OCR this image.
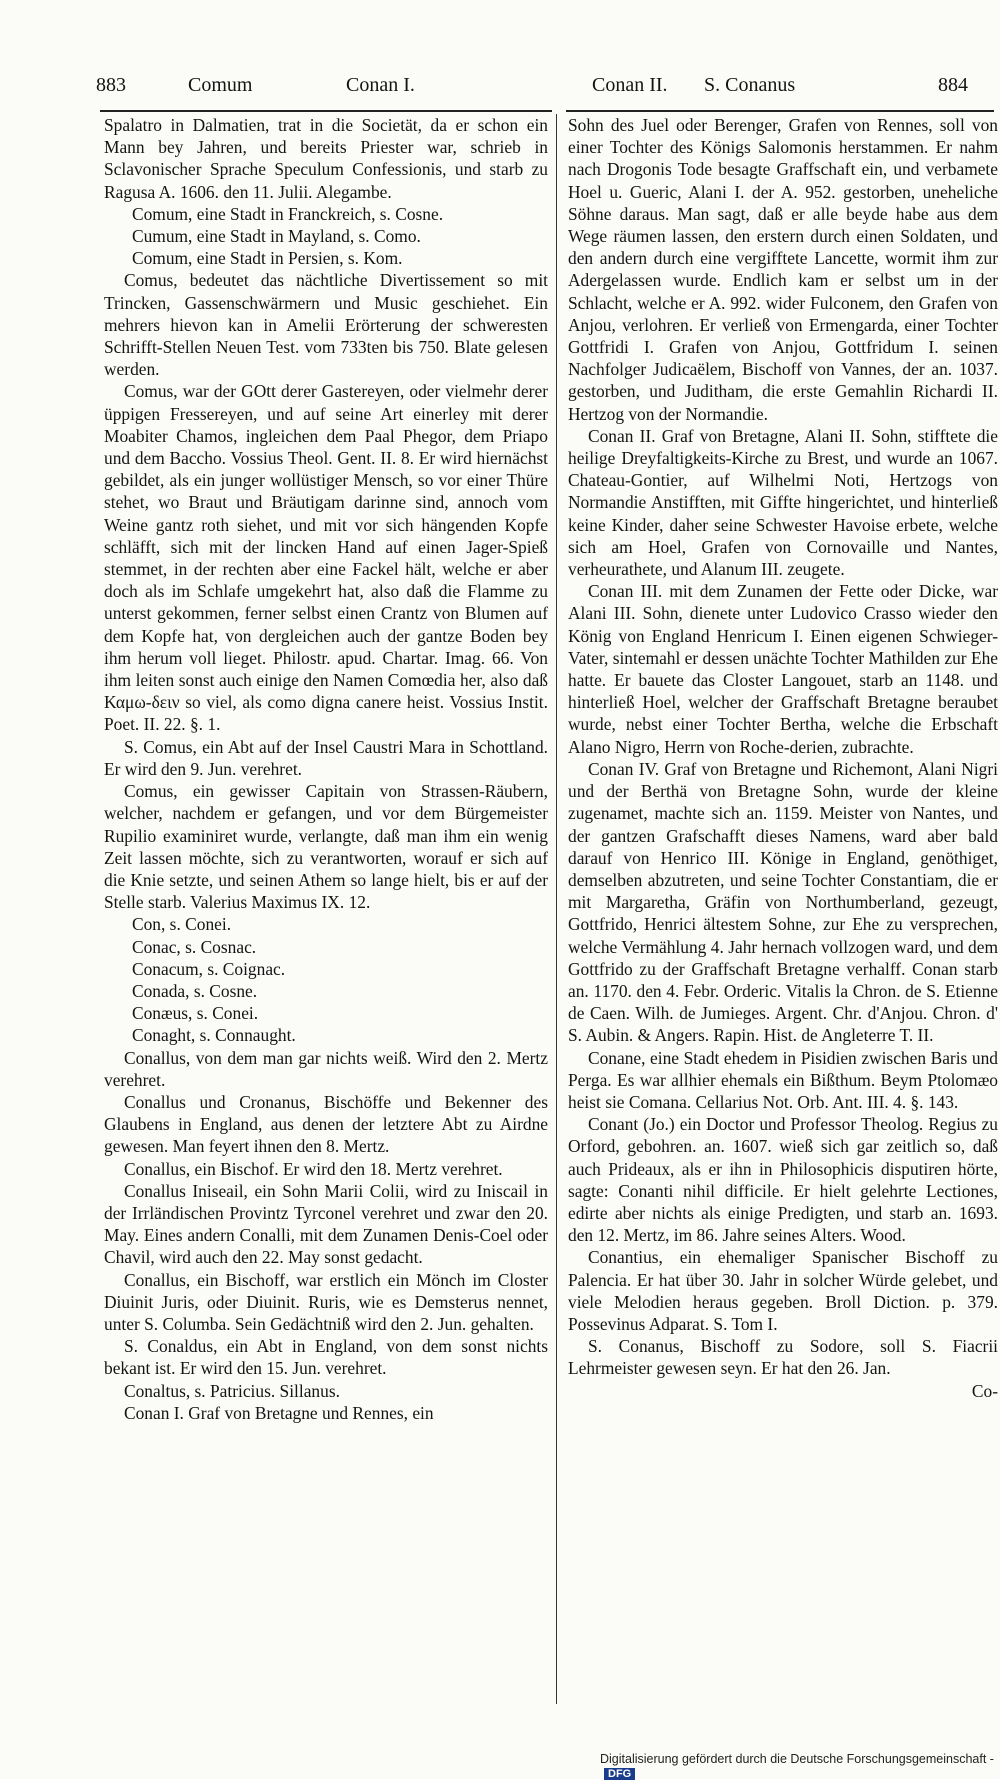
883	Comum	Conan I.	Conan II. S. Conanus	884

Spalatro in Dalmatien, trat in die Societät, da er schon ein Mann bey Jahren, und bereits Priester war, schrieb in Sclavonischer Sprache Speculum Confessionis, und starb zu Ragusa A. 1606. den 11. Julii. Alegambe.

Comum, eine Stadt in Franckreich, s. Cosne.

Cumum, eine Stadt in Mayland, s. Como.

Comum, eine Stadt in Persien, s. Kom.

Comus, bedeutet das nächtliche Divertissement so mit Trincken, Gassenschwärmern und Music geschiehet. Ein mehrers hievon kan in Amelii Erörterung der schweresten Schrifft-Stellen Neuen Test. vom 733ten bis 750. Blate gelesen werden.

Comus, war der GOtt derer Gastereyen, oder vielmehr derer üppigen Fressereyen, und auf seine Art einerley mit derer Moabiter Chamos, ingleichen dem Paal Phegor, dem Priapo und dem Baccho. Vossius Theol. Gent. II. 8. Er wird hiernächst gebildet, als ein junger wollüstiger Mensch, so vor einer Thüre stehet, wo Braut und Bräutigam darinne sind, annoch vom Weine gantz roth siehet, und mit vor sich hängenden Kopfe schläfft, sich mit der lincken Hand auf einen Jager-Spieß stemmet, in der rechten aber eine Fackel hält, welche er aber doch als im Schlafe umgekehrt hat, also daß die Flamme zu unterst gekommen, ferner selbst einen Crantz von Blumen auf dem Kopfe hat, von dergleichen auch der gantze Boden bey ihm herum voll lieget. Philostr. apud. Chartar. Imag. 66. Von ihm leiten sonst auch einige den Namen Comœdia her, also daß Καμω-δειν so viel, als como digna canere heist. Vossius Instit. Poet. II. 22. §. 1.

S. Comus, ein Abt auf der Insel Caustri Mara in Schottland. Er wird den 9. Jun. verehret.

Comus, ein gewisser Capitain von Strassen-Räubern, welcher, nachdem er gefangen, und vor dem Bürgemeister Rupilio examiniret wurde, verlangte, daß man ihm ein wenig Zeit lassen möchte, sich zu verantworten, worauf er sich auf die Knie setzte, und seinen Athem so lange hielt, bis er auf der Stelle starb. Valerius Maximus IX. 12.

Con, s. Conei.

Conac, s. Cosnac.

Conacum, s. Coignac.

Conada, s. Cosne.

Conæus, s. Conei.

Conaght, s. Connaught.

Conallus, von dem man gar nichts weiß. Wird den 2. Mertz verehret.

Conallus und Cronanus, Bischöffe und Bekenner des Glaubens in England, aus denen der letztere Abt zu Airdne gewesen. Man feyert ihnen den 8. Mertz.

Conallus, ein Bischof. Er wird den 18. Mertz verehret.

Conallus Iniseail, ein Sohn Marii Colii, wird zu Iniscail in der Irrländischen Provintz Tyrconel verehret und zwar den 20. May. Eines andern Conalli, mit dem Zunamen Denis-Coel oder Chavil, wird auch den 22. May sonst gedacht.

Conallus, ein Bischoff, war erstlich ein Mönch im Closter Diuinit Juris, oder Diuinit. Ruris, wie es Demsterus nennet, unter S. Columba. Sein Gedächtniß wird den 2. Jun. gehalten.

S. Conaldus, ein Abt in England, von dem sonst nichts bekant ist. Er wird den 15. Jun. verehret.

Conaltus, s. Patricius. Sillanus.

Conan I. Graf von Bretagne und Rennes, ein

Sohn des Juel oder Berenger, Grafen von Rennes, soll von einer Tochter des Königs Salomonis herstammen. Er nahm nach Drogonis Tode besagte Graffschaft ein, und verbamete Hoel u. Gueric, Alani I. der A. 952. gestorben, uneheliche Söhne daraus. Man sagt, daß er alle beyde habe aus dem Wege räumen lassen, den erstern durch einen Soldaten, und den andern durch eine vergifftete Lancette, wormit ihm zur Adergelassen wurde. Endlich kam er selbst um in der Schlacht, welche er A. 992. wider Fulconem, den Grafen von Anjou, verlohren. Er verließ von Ermengarda, einer Tochter Gottfridi I. Grafen von Anjou, Gottfridum I. seinen Nachfolger Judicaëlem, Bischoff von Vannes, der an. 1037. gestorben, und Juditham, die erste Gemahlin Richardi II. Hertzog von der Normandie.

Conan II. Graf von Bretagne, Alani II. Sohn, stifftete die heilige Dreyfaltigkeits-Kirche zu Brest, und wurde an 1067. Chateau-Gontier, auf Wilhelmi Noti, Hertzogs von Normandie Anstifften, mit Giffte hingerichtet, und hinterließ keine Kinder, daher seine Schwester Havoise erbete, welche sich am Hoel, Grafen von Cornovaille und Nantes, verheurathete, und Alanum III. zeugete.

Conan III. mit dem Zunamen der Fette oder Dicke, war Alani III. Sohn, dienete unter Ludovico Crasso wieder den König von England Henricum I. Einen eigenen Schwieger-Vater, sintemahl er dessen unächte Tochter Mathilden zur Ehe hatte. Er bauete das Closter Langouet, starb an 1148. und hinterließ Hoel, welcher der Graffschaft Bretagne beraubet wurde, nebst einer Tochter Bertha, welche die Erbschaft Alano Nigro, Herrn von Roche-derien, zubrachte.

Conan IV. Graf von Bretagne und Richemont, Alani Nigri und der Berthä von Bretagne Sohn, wurde der kleine zugenamet, machte sich an. 1159. Meister von Nantes, und der gantzen Grafschafft dieses Namens, ward aber bald darauf von Henrico III. Könige in England, genöthiget, demselben abzutreten, und seine Tochter Constantiam, die er mit Margaretha, Gräfin von Northumberland, gezeugt, Gottfrido, Henrici ältestem Sohne, zur Ehe zu versprechen, welche Vermählung 4. Jahr hernach vollzogen ward, und dem Gottfrido zu der Graffschaft Bretagne verhalff. Conan starb an. 1170. den 4. Febr. Orderic. Vitalis la Chron. de S. Etienne de Caen. Wilh. de Jumieges. Argent. Chr. d'Anjou. Chron. d' S. Aubin. & Angers. Rapin. Hist. de Angleterre T. II.

Conane, eine Stadt ehedem in Pisidien zwischen Baris und Perga. Es war allhier ehemals ein Bißthum. Beym Ptolomæo heist sie Comana. Cellarius Not. Orb. Ant. III. 4. §. 143.

Conant (Jo.) ein Doctor und Professor Theolog. Regius zu Orford, gebohren. an. 1607. wieß sich gar zeitlich so, daß auch Prideaux, als er ihn in Philosophicis disputiren hörte, sagte: Conanti nihil difficile. Er hielt gelehrte Lectiones, edirte aber nichts als einige Predigten, und starb an. 1693. den 12. Mertz, im 86. Jahre seines Alters. Wood.

Conantius, ein ehemaliger Spanischer Bischoff zu Palencia. Er hat über 30. Jahr in solcher Würde gelebet, und viele Melodien heraus gegeben. Broll Diction. p. 379. Possevinus Adparat. S. Tom I.

S. Conanus, Bischoff zu Sodore, soll S. Fiacrii Lehrmeister gewesen seyn. Er hat den 26. Jan.

Co-

Digitalisierung gefördert durch die Deutsche Forschungsgemeinschaft -DFG
